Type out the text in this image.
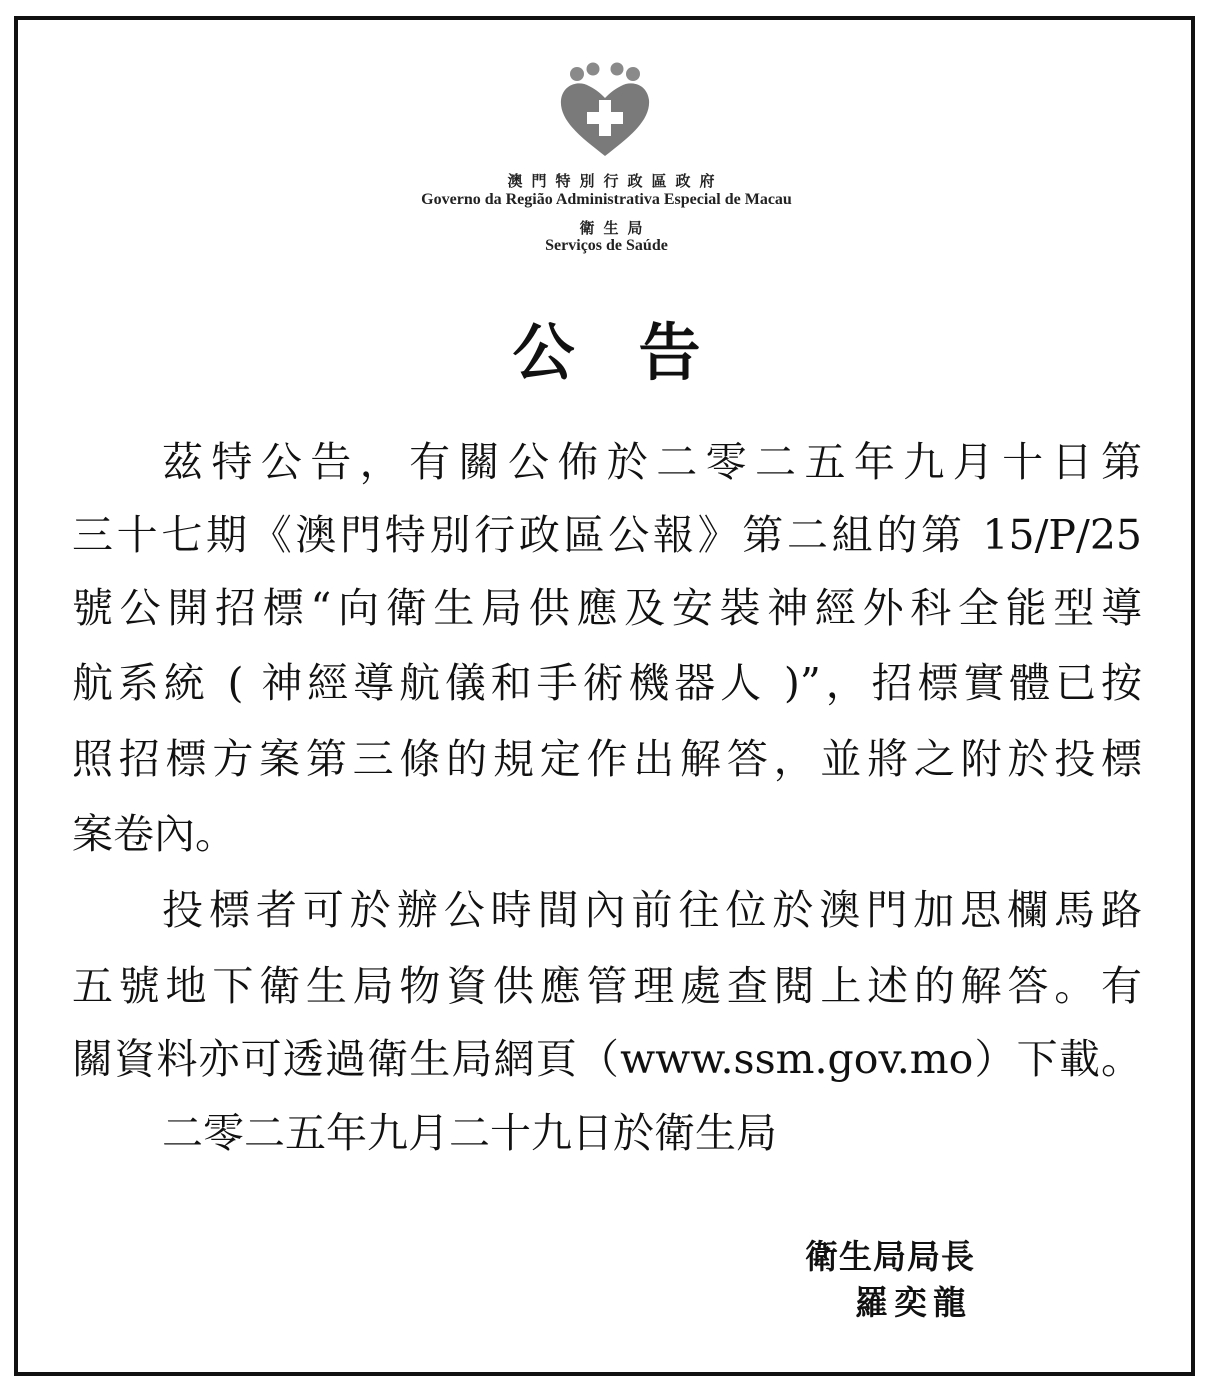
澳門特別行政區政府
Governo da Região Administrativa Especial de Macau
衛生局
Serviços de Saúde
公告
茲特公告，有關公佈於二零二五年九月十日第
三十七期《澳門特別行政區公報》第二組的第 15/P/25
號公開招標“向衛生局供應及安裝神經外科全能型導
航系統 ( 神經導航儀和手術機器人 )”，招標實體已按
照招標方案第三條的規定作出解答，並將之附於投標
案卷內。
投標者可於辦公時間內前往位於澳門加思欄馬路
五號地下衛生局物資供應管理處查閱上述的解答。有
關資料亦可透過衛生局網頁（www.ssm.gov.mo）下載。
二零二五年九月二十九日於衛生局
衛生局局長
羅奕龍
